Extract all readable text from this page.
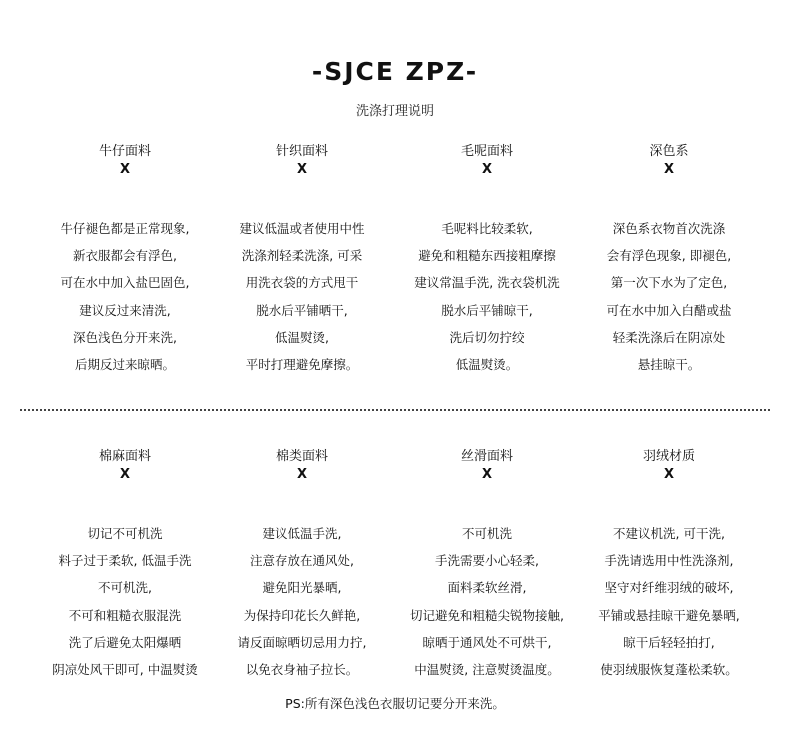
-SJCE ZPZ-
洗涤打理说明
牛仔面料
X
牛仔褪色都是正常现象,
新衣服都会有浮色,
可在水中加入盐巴固色,
建议反过来清洗,
深色浅色分开来洗,
后期反过来晾晒。
针织面料
X
建议低温或者使用中性
洗涤剂轻柔洗涤, 可采
用洗衣袋的方式甩干
脱水后平铺晒干,
低温熨烫,
平时打理避免摩擦。
毛呢面料
X
毛呢料比较柔软,
避免和粗糙东西接粗摩擦
建议常温手洗, 洗衣袋机洗
脱水后平铺晾干,
洗后切勿拧绞
低温熨烫。
深色系
X
深色系衣物首次洗涤
会有浮色现象, 即褪色,
第一次下水为了定色,
可在水中加入白醋或盐
轻柔洗涤后在阴凉处
悬挂晾干。
棉麻面料
X
切记不可机洗
料子过于柔软, 低温手洗
不可机洗,
不可和粗糙衣服混洗
洗了后避免太阳爆晒
阴凉处风干即可, 中温熨烫
棉类面料
X
建议低温手洗,
注意存放在通风处,
避免阳光暴晒,
为保持印花长久鲜艳,
请反面晾晒切忌用力拧,
以免衣身袖子拉长。
丝滑面料
X
不可机洗
手洗需要小心轻柔,
面料柔软丝滑,
切记避免和粗糙尖锐物接触,
晾晒于通风处不可烘干,
中温熨烫, 注意熨烫温度。
羽绒材质
X
不建议机洗, 可干洗,
手洗请选用中性洗涤剂,
坚守对纤维羽绒的破坏,
平铺或悬挂晾干避免暴晒,
晾干后轻轻拍打,
使羽绒服恢复蓬松柔软。
PS:所有深色浅色衣服切记要分开来洗。
